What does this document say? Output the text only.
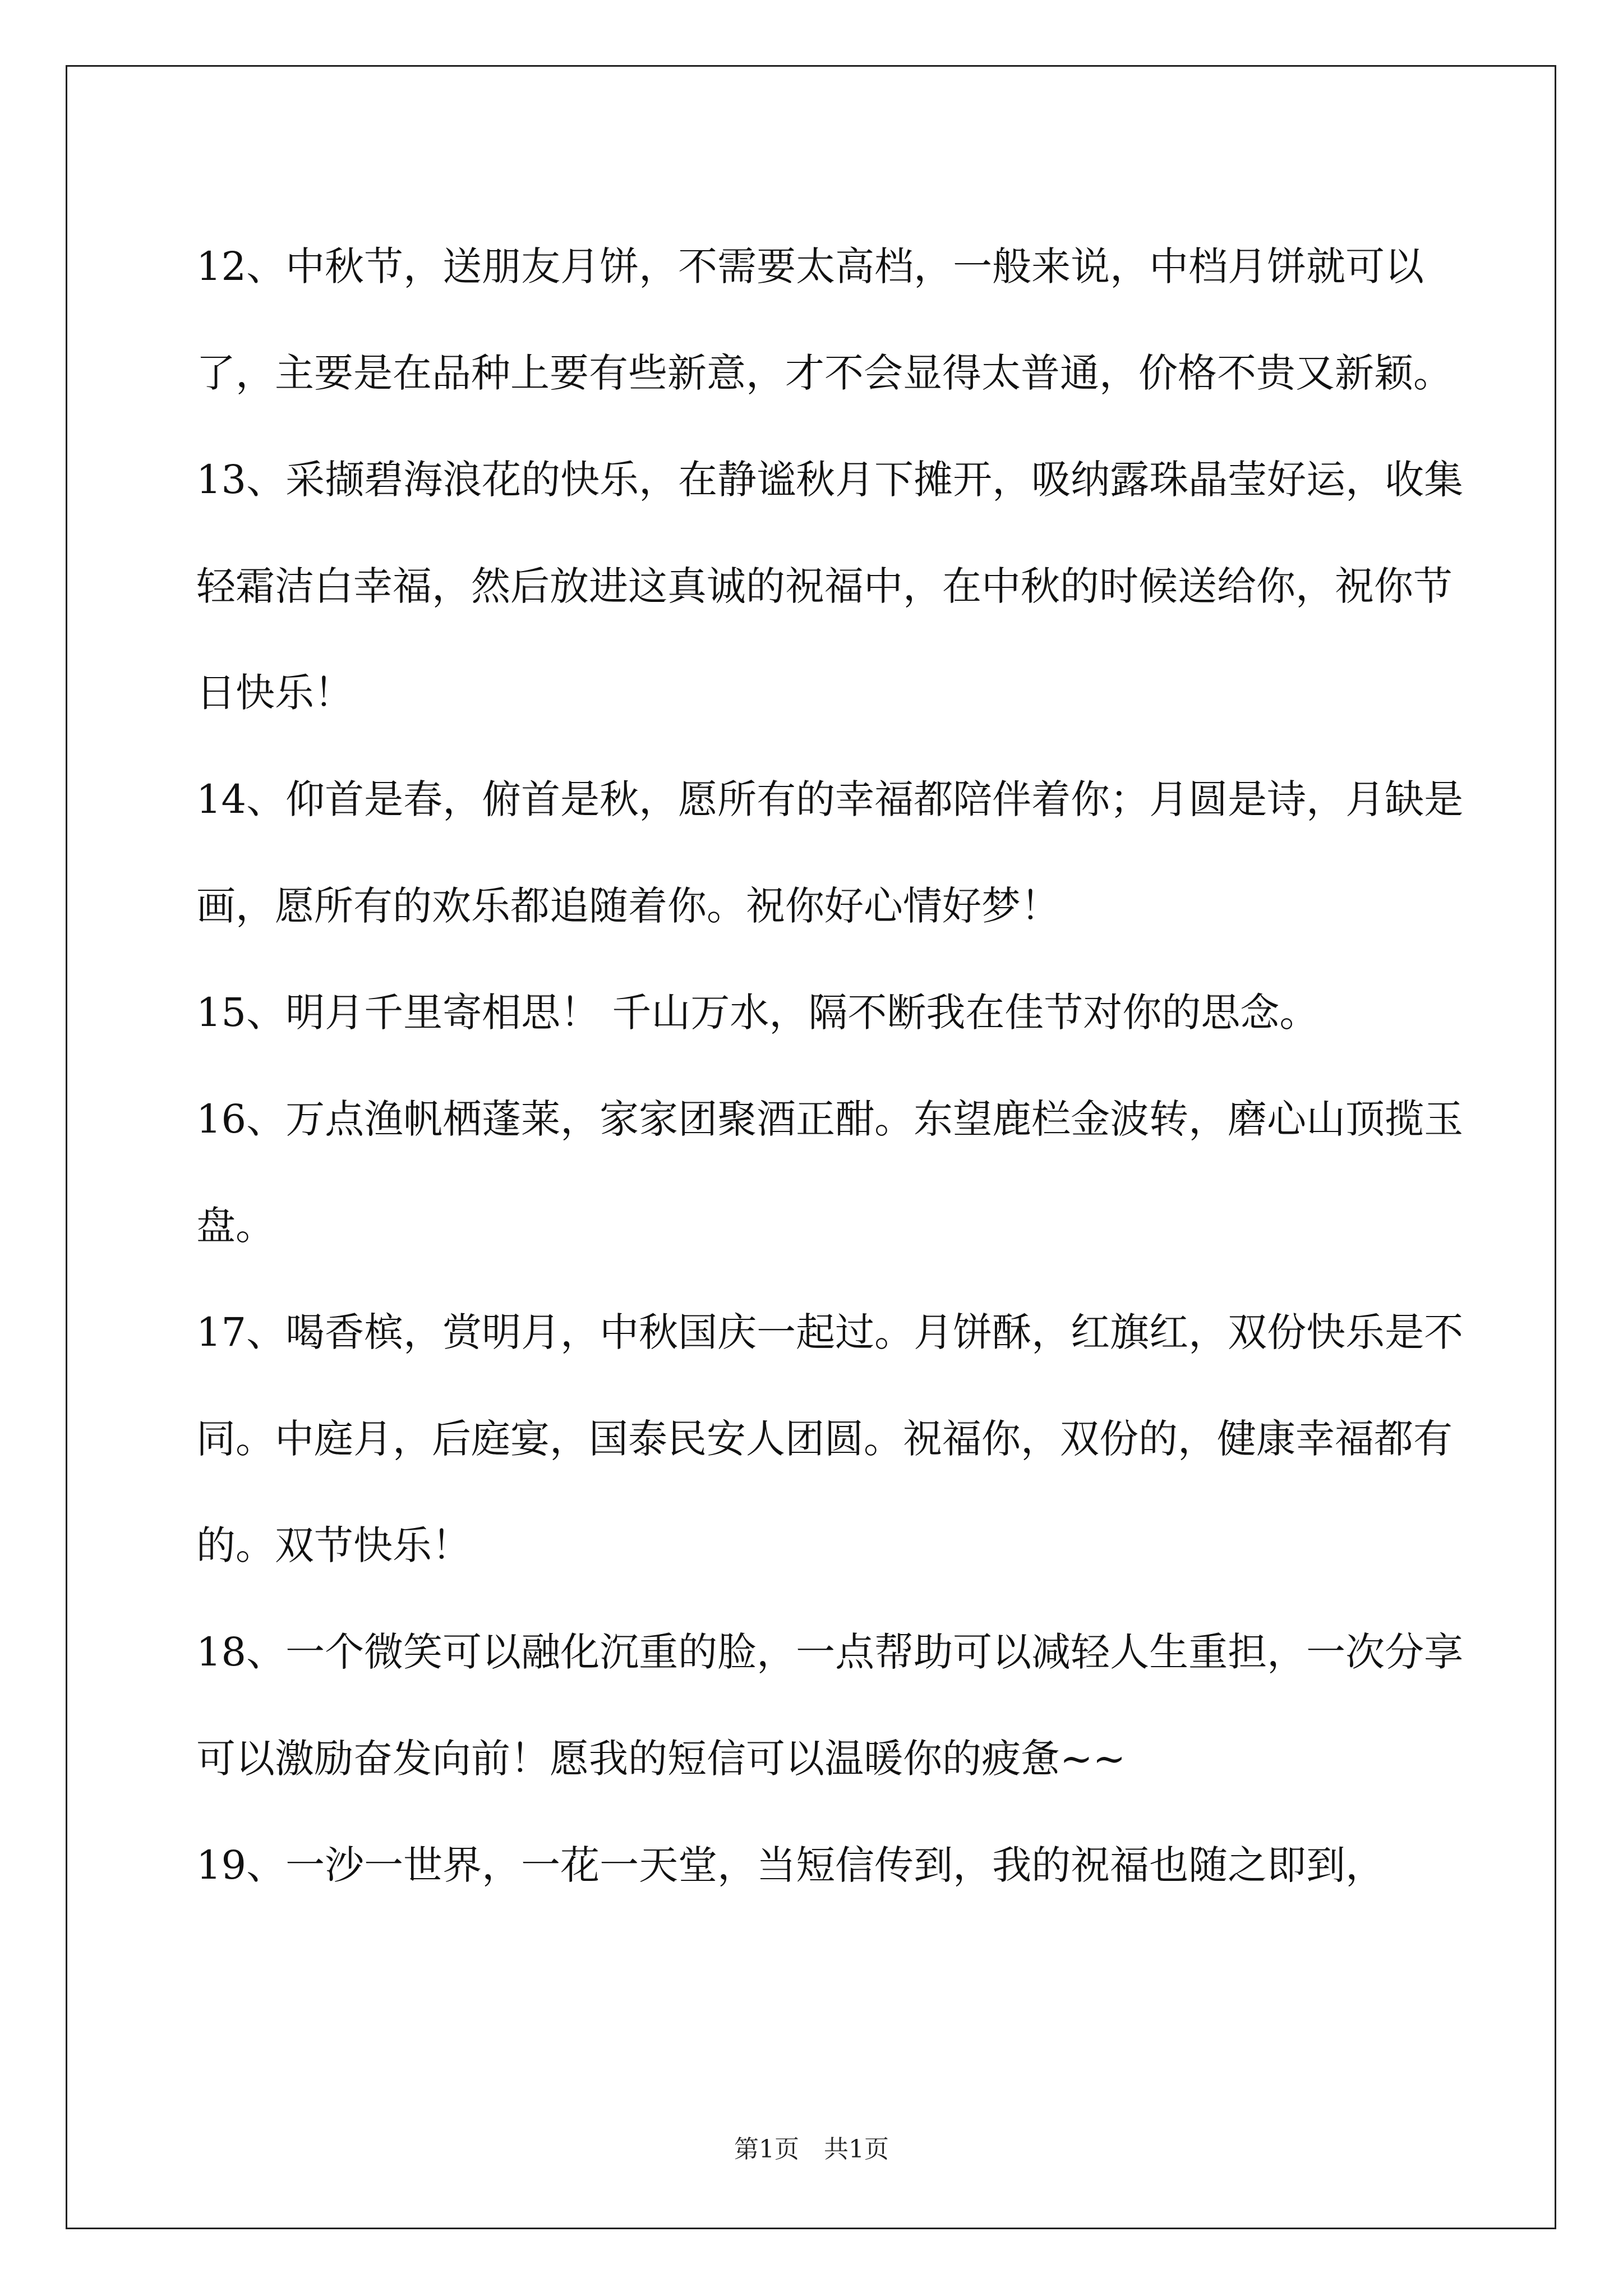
12、中秋节，送朋友月饼，不需要太高档，一般来说，中档月饼就可以了，主要是在品种上要有些新意，才不会显得太普通，价格不贵又新颖。

13、采撷碧海浪花的快乐，在静谧秋月下摊开，吸纳露珠晶莹好运，收集轻霜洁白幸福，然后放进这真诚的祝福中，在中秋的时候送给你，祝你节日快乐！

14、仰首是春，俯首是秋，愿所有的幸福都陪伴着你；月圆是诗，月缺是画，愿所有的欢乐都追随着你。祝你好心情好梦！

15、明月千里寄相思！ 千山万水，隔不断我在佳节对你的思念。

16、万点渔帆栖蓬莱，家家团聚酒正酣。东望鹿栏金波转，磨心山顶揽玉盘。

17、喝香槟，赏明月，中秋国庆一起过。月饼酥，红旗红，双份快乐是不同。中庭月，后庭宴，国泰民安人团圆。祝福你，双份的，健康幸福都有的。双节快乐！

18、一个微笑可以融化沉重的脸，一点帮助可以减轻人生重担，一次分享可以激励奋发向前！愿我的短信可以温暖你的疲惫~~

19、一沙一世界，一花一天堂，当短信传到，我的祝福也随之即到，

第1页　共1页
